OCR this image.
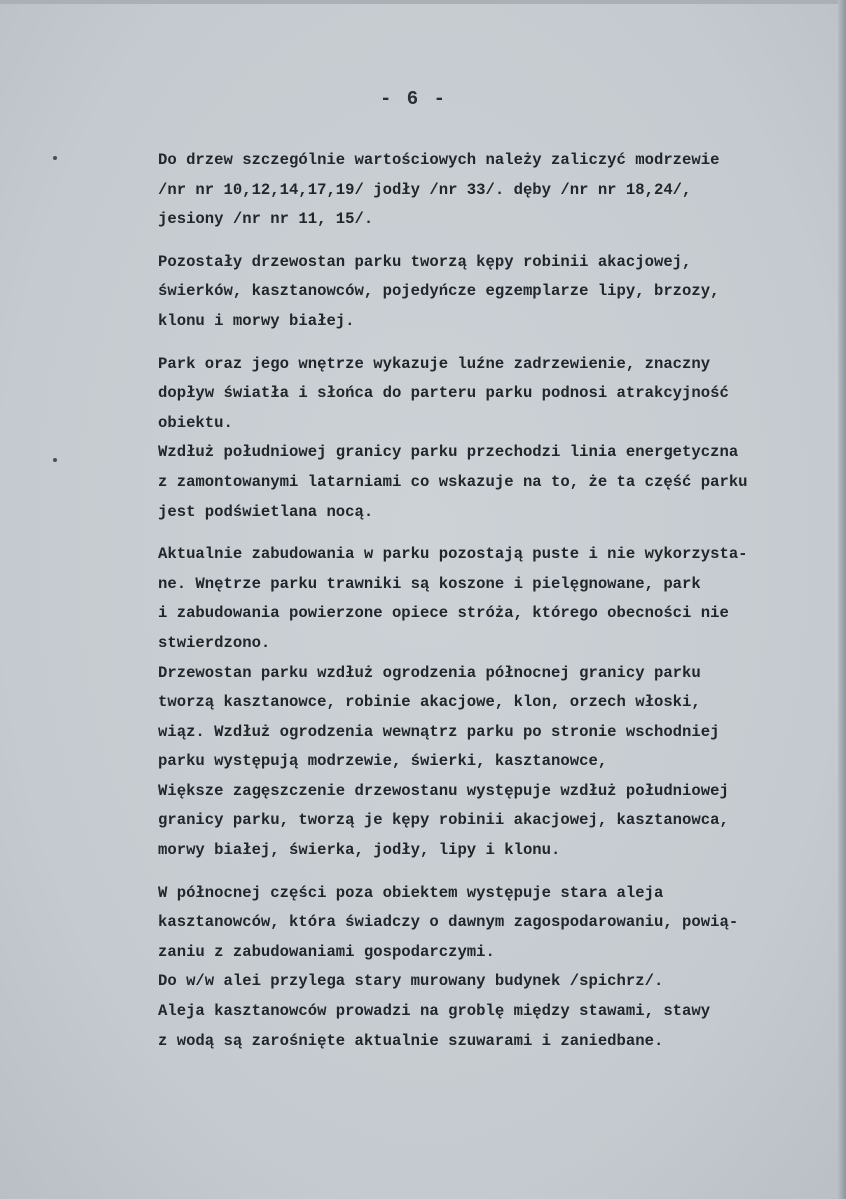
- 6 -
Do drzew szczególnie wartościowych należy zaliczyć modrzewie
/nr nr 10,12,14,17,19/ jodły /nr 33/. dęby /nr nr 18,24/,
jesiony /nr nr 11, 15/.
Pozostały drzewostan parku tworzą kępy robinii akacjowej,
świerków, kasztanowców, pojedyńcze egzemplarze lipy, brzozy,
klonu i morwy białej.
Park oraz jego wnętrze wykazuje luźne zadrzewienie, znaczny
dopływ światła i słońca do parteru parku podnosi atrakcyjność
obiektu.
Wzdłuż południowej granicy parku przechodzi linia energetyczna
z zamontowanymi latarniami co wskazuje na to, że ta część parku
jest podświetlana nocą.
Aktualnie zabudowania w parku pozostają puste i nie wykorzysta-
ne. Wnętrze parku trawniki są koszone i pielęgnowane, park
i zabudowania powierzone opiece stróża, którego obecności nie
stwierdzono.
Drzewostan parku wzdłuż ogrodzenia północnej granicy parku
tworzą kasztanowce, robinie akacjowe, klon, orzech włoski,
wiąz. Wzdłuż ogrodzenia wewnątrz parku po stronie wschodniej
parku występują modrzewie, świerki, kasztanowce,
Większe zagęszczenie drzewostanu występuje wzdłuż południowej
granicy parku, tworzą je kępy robinii akacjowej, kasztanowca,
morwy białej, świerka, jodły, lipy i klonu.
W północnej części poza obiektem występuje stara aleja
kasztanowców, która świadczy o dawnym zagospodarowaniu, powią-
zaniu z zabudowaniami gospodarczymi.
Do w/w alei przylega stary murowany budynek /spichrz/.
Aleja kasztanowców prowadzi na groblę między stawami, stawy
z wodą są zarośnięte aktualnie szuwarami i zaniedbane.
